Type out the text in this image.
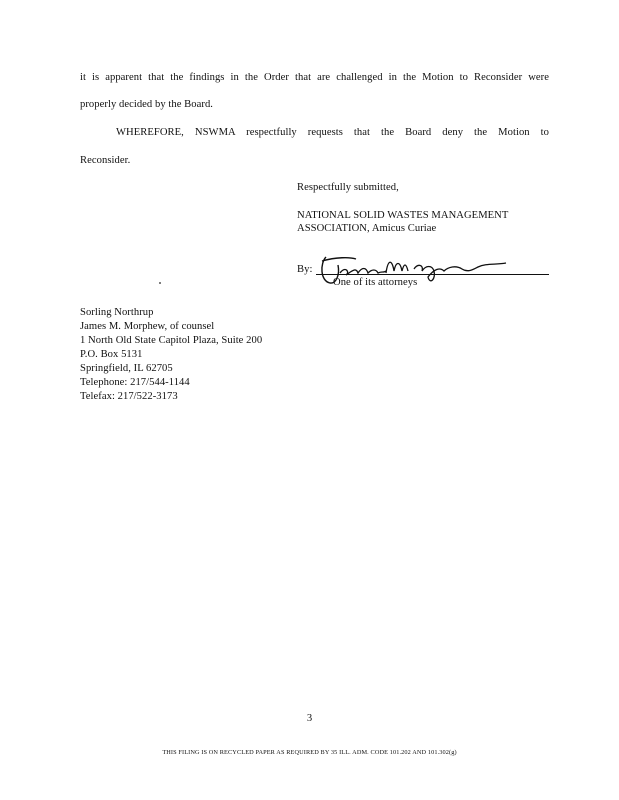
it is apparent that the findings in the Order that are challenged in the Motion to Reconsider were
properly decided by the Board.
WHEREFORE, NSWMA respectfully requests that the Board deny the Motion to
Reconsider.
Respectfully submitted,
NATIONAL SOLID WASTES MANAGEMENT
ASSOCIATION, Amicus Curiae
By:
One of its attorneys
Sorling Northrup
James M. Morphew, of counsel
1 North Old State Capitol Plaza, Suite 200
P.O. Box 5131
Springfield, IL 62705
Telephone: 217/544-1144
Telefax: 217/522-3173
3
THIS FILING IS ON RECYCLED PAPER AS REQUIRED BY 35 ILL. ADM. CODE 101.202 AND 101.302(g)
